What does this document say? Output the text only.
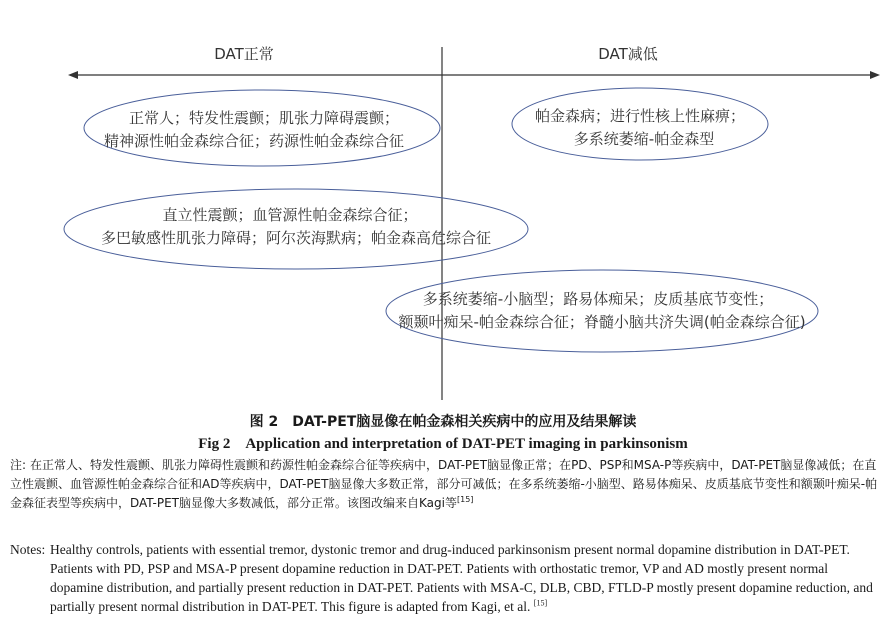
DAT正常	DAT减低
正常人；特发性震颤；肌张力障碍震颤；
精神源性帕金森综合征；药源性帕金森综合征
帕金森病；进行性核上性麻痹；
多系统萎缩-帕金森型
直立性震颤；血管源性帕金森综合征；
多巴敏感性肌张力障碍；阿尔茨海默病；帕金森高危综合征
多系统萎缩-小脑型；路易体痴呆；皮质基底节变性；
额颞叶痴呆-帕金森综合征；脊髓小脑共济失调(帕金森综合征)
图 2　DAT-PET脑显像在帕金森相关疾病中的应用及结果解读
Fig 2　Application and interpretation of DAT-PET imaging in parkinsonism
注: 在正常人、特发性震颤、肌张力障碍性震颤和药源性帕金森综合征等疾病中，DAT-PET脑显像正常；在PD、PSP和MSA-P等疾病中，DAT-PET脑显像减低；在直立性震颤、血管源性帕金森综合征和AD等疾病中，DAT-PET脑显像大多数正常，部分可减低；在多系统萎缩-小脑型、路易体痴呆、皮质基底节变性和额颞叶痴呆-帕金森征表型等疾病中，DAT-PET脑显像大多数减低，部分正常。该图改编来自Kagi等[15]
Notes: Healthy controls, patients with essential tremor, dystonic tremor and drug-induced parkinsonism present normal dopamine distribution in DAT-PET. Patients with PD, PSP and MSA-P present dopamine reduction in DAT-PET. Patients with orthostatic tremor, VP and AD mostly present normal dopamine distribution, and partially present reduction in DAT-PET. Patients with MSA-C, DLB, CBD, FTLD-P mostly present dopamine reduction, and partially present normal distribution in DAT-PET. This figure is adapted from Kagi, et al. [15]
